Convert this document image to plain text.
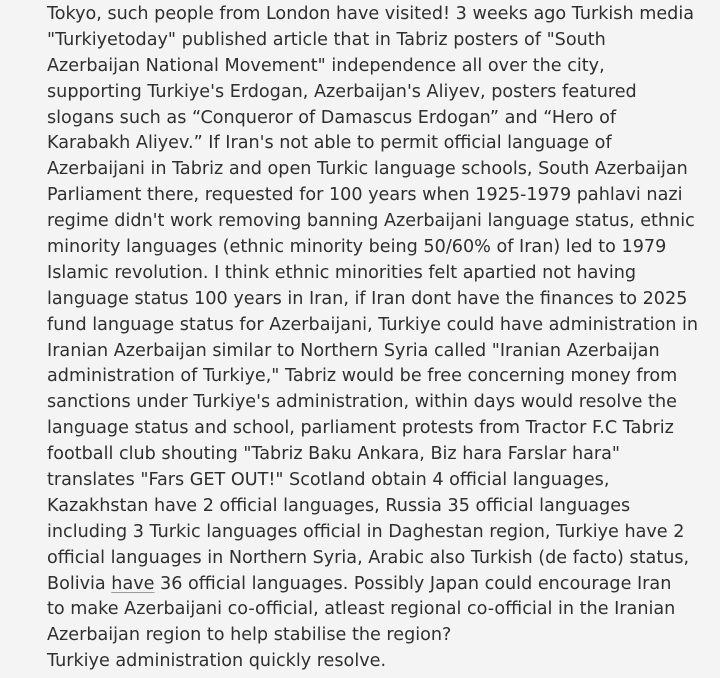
Tokyo, such people from London have visited! 3 weeks ago Turkish media
"Turkiyetoday" published article that in Tabriz posters of "South
Azerbaijan National Movement" independence all over the city,
supporting Turkiye's Erdogan, Azerbaijan's Aliyev, posters featured
slogans such as “Conqueror of Damascus Erdogan” and “Hero of
Karabakh Aliyev.” If Iran's not able to permit official language of
Azerbaijani in Tabriz and open Turkic language schools, South Azerbaijan
Parliament there, requested for 100 years when 1925-1979 pahlavi nazi
regime didn't work removing banning Azerbaijani language status, ethnic
minority languages (ethnic minority being 50/60% of Iran) led to 1979
Islamic revolution. I think ethnic minorities felt apartied not having
language status 100 years in Iran, if Iran dont have the finances to 2025
fund language status for Azerbaijani, Turkiye could have administration in
Iranian Azerbaijan similar to Northern Syria called "Iranian Azerbaijan
administration of Turkiye," Tabriz would be free concerning money from
sanctions under Turkiye's administration, within days would resolve the
language status and school, parliament protests from Tractor F.C Tabriz
football club shouting "Tabriz Baku Ankara, Biz hara Farslar hara"
translates "Fars GET OUT!" Scotland obtain 4 official languages,
Kazakhstan have 2 official languages, Russia 35 official languages
including 3 Turkic languages official in Daghestan region, Turkiye have 2
official languages in Northern Syria, Arabic also Turkish (de facto) status,
Bolivia have 36 official languages. Possibly Japan could encourage Iran
to make Azerbaijani co-official, atleast regional co-official in the Iranian
Azerbaijan region to help stabilise the region?
Turkiye administration quickly resolve.
